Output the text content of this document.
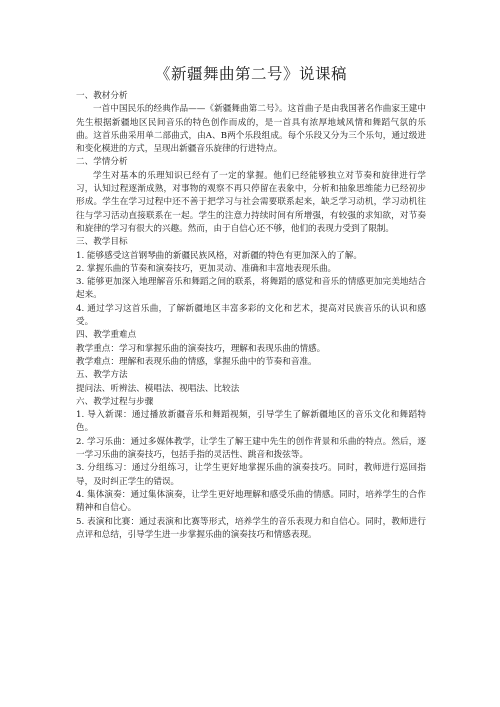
《新疆舞曲第二号》说课稿

一、教材分析

一首中国民乐的经典作品——《新疆舞曲第二号》。这首曲子是由我国著名作曲家王建中先生根据新疆地区民间音乐的特色创作而成的，是一首具有浓厚地域风情和舞蹈气氛的乐曲。这首乐曲采用单二部曲式，由A、B两个乐段组成。每个乐段又分为三个乐句，通过级进和变化模进的方式，呈现出新疆音乐旋律的行进特点。

二、学情分析

学生对基本的乐理知识已经有了一定的掌握。他们已经能够独立对节奏和旋律进行学习，认知过程逐渐成熟，对事物的观察不再只停留在表象中，分析和抽象思维能力已经初步形成。学生在学习过程中还不善于把学习与社会需要联系起来，缺乏学习动机，学习动机往往与学习活动直接联系在一起。学生的注意力持续时间有所增强，有较强的求知欲，对节奏和旋律的学习有很大的兴趣。然而，由于自信心还不够，他们的表现力受到了限制。

三、教学目标

1. 能够感受这首钢琴曲的新疆民族风格，对新疆的特色有更加深入的了解。

2. 掌握乐曲的节奏和演奏技巧，更加灵动、准确和丰富地表现乐曲。

3. 能够更加深入地理解音乐和舞蹈之间的联系，将舞蹈的感觉和音乐的情感更加完美地结合起来。

4. 通过学习这首乐曲，了解新疆地区丰富多彩的文化和艺术，提高对民族音乐的认识和感受。

四、教学重难点

教学重点：学习和掌握乐曲的演奏技巧，理解和表现乐曲的情感。

教学难点：理解和表现乐曲的情感，掌握乐曲中的节奏和音准。

五、教学方法

提问法、听辨法、模唱法、视唱法、比较法

六、教学过程与步骤

1. 导入新课：通过播放新疆音乐和舞蹈视频，引导学生了解新疆地区的音乐文化和舞蹈特色。

2. 学习乐曲：通过多媒体教学，让学生了解王建中先生的创作背景和乐曲的特点。然后，逐一学习乐曲的演奏技巧，包括手指的灵活性、跳音和拨弦等。

3. 分组练习：通过分组练习，让学生更好地掌握乐曲的演奏技巧。同时，教师进行巡回指导，及时纠正学生的错误。

4. 集体演奏：通过集体演奏，让学生更好地理解和感受乐曲的情感。同时，培养学生的合作精神和自信心。

5. 表演和比赛：通过表演和比赛等形式，培养学生的音乐表现力和自信心。同时，教师进行点评和总结，引导学生进一步掌握乐曲的演奏技巧和情感表现。
